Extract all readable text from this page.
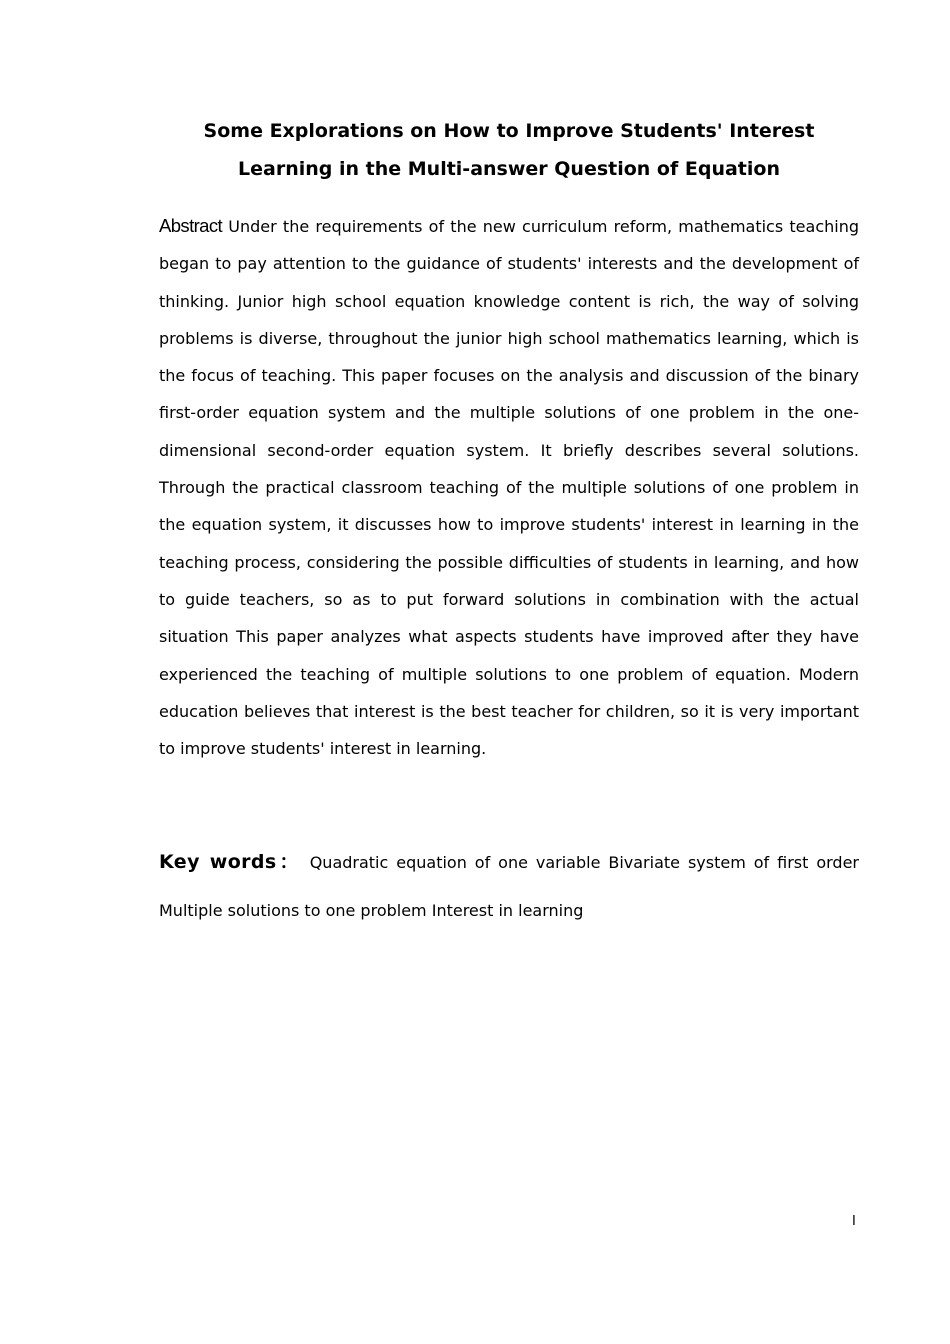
Some Explorations on How to Improve Students' Interest
Learning in the Multi-answer Question of Equation

Abstract Under the requirements of the new curriculum reform, mathematics teaching began to pay attention to the guidance of students' interests and the development of thinking. Junior high school equation knowledge content is rich, the way of solving problems is diverse, throughout the junior high school mathematics learning, which is the focus of teaching. This paper focuses on the analysis and discussion of the binary first-order equation system and the multiple solutions of one problem in the one-dimensional second-order equation system. It briefly describes several solutions. Through the practical classroom teaching of the multiple solutions of one problem in the equation system, it discusses how to improve students' interest in learning in the teaching process, considering the possible difficulties of students in learning, and how to guide teachers, so as to put forward solutions in combination with the actual situation This paper analyzes what aspects students have improved after they have experienced the teaching of multiple solutions to one problem of equation. Modern education believes that interest is the best teacher for children, so it is very important to improve students' interest in learning.

Key words： Quadratic equation of one variable Bivariate system of first order Multiple solutions to one problem Interest in learning

I
